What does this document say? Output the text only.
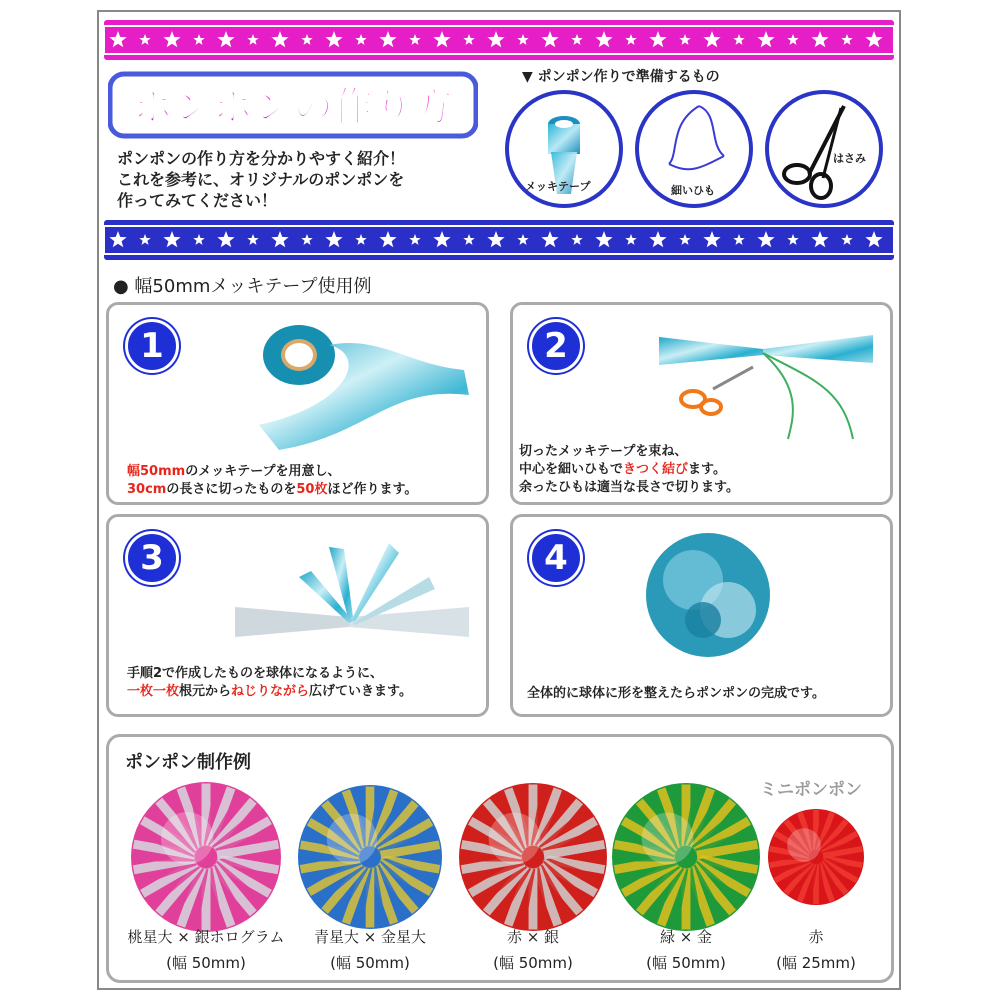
ポンポンの作り方
ポンポンの作り方を分かりやすく紹介！
これを参考に、オリジナルのポンポンを
作ってみてください！
▼ ポンポン作りで準備するもの
メッキテープ	細いひも
はさみ
● 幅50mmメッキテープ使用例
1
幅50mmのメッキテープを用意し、
30cmの長さに切ったものを50枚ほど作ります。
2
切ったメッキテープを束ね、
中心を細いひもできつく結びます。
余ったひもは適当な長さで切ります。
3
手順2で作成したものを球体になるように、
一枚一枚根元からねじりながら広げていきます。
4
全体的に球体に形を整えたらポンポンの完成です。
ポンポン制作例
ミニポンポン
桃星大 × 銀ホログラム
(幅 50mm)
青星大 × 金星大
(幅 50mm)
赤 × 銀
(幅 50mm)
緑 × 金
(幅 50mm)
赤
(幅 25mm)
